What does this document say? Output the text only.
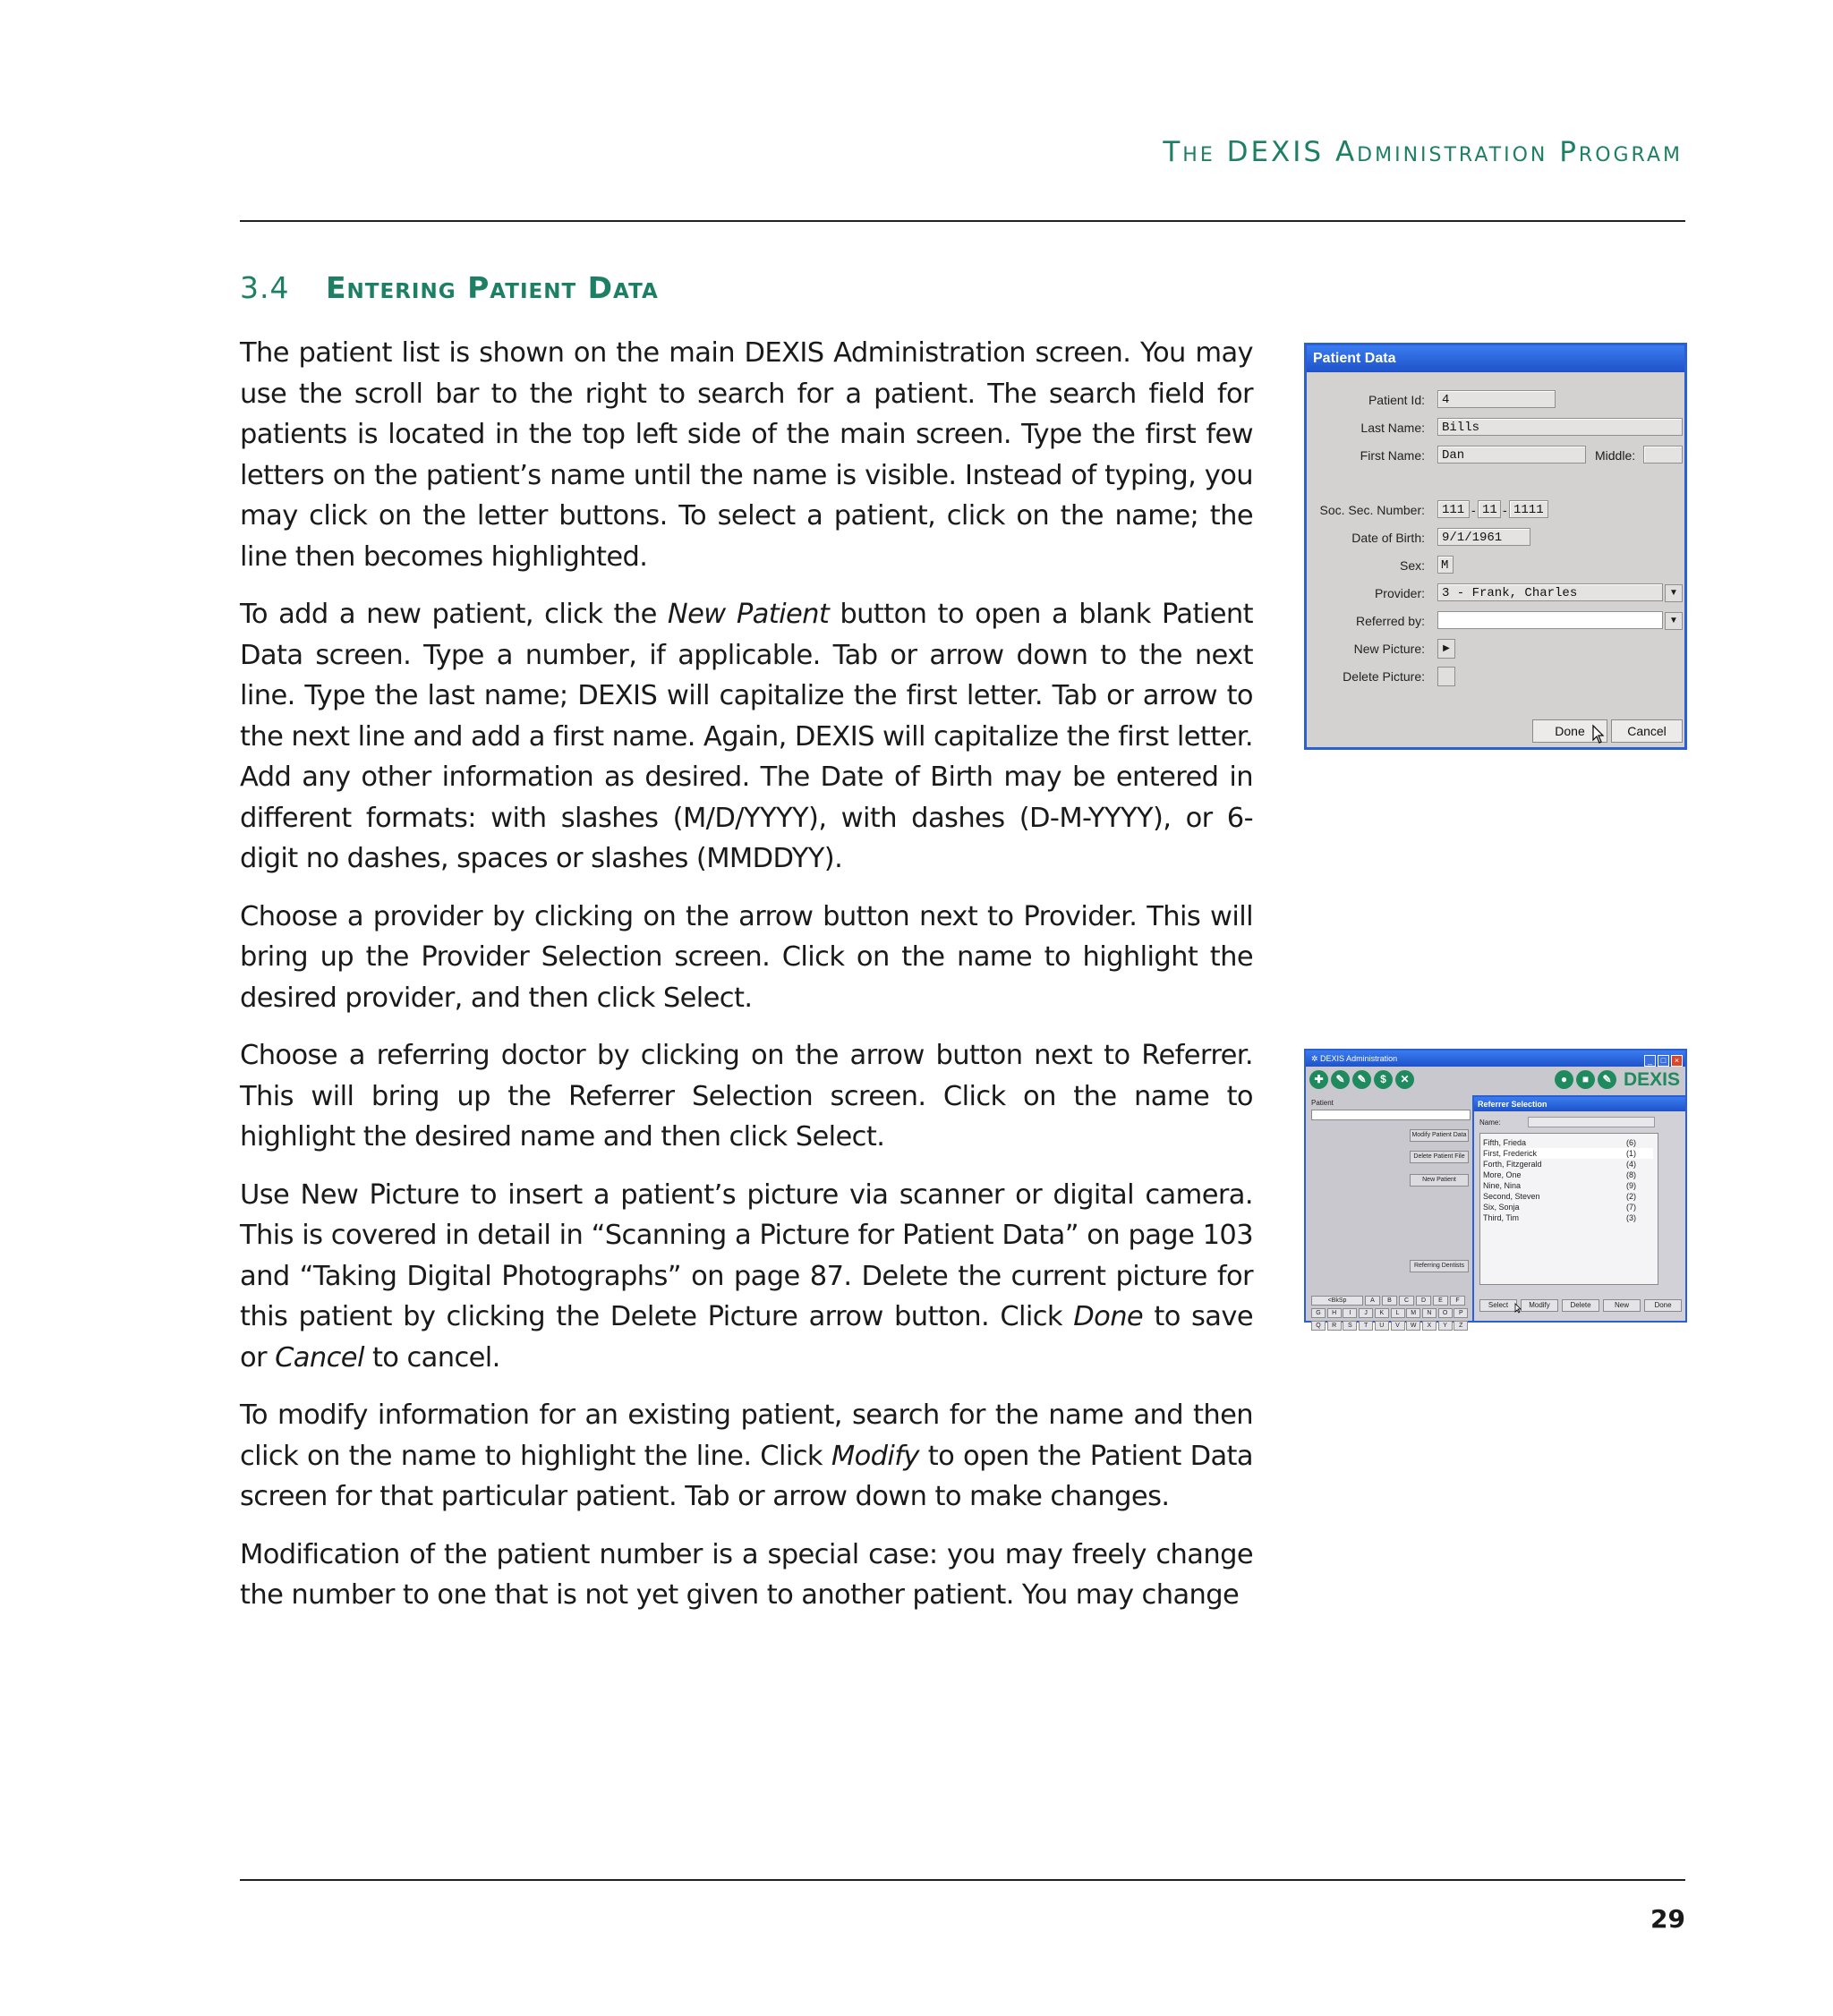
The DEXIS Administration Program
3.4 Entering Patient Data

The patient list is shown on the main DEXIS Administration screen. You may use the scroll bar to the right to search for a patient. The search field for patients is located in the top left side of the main screen. Type the first few letters on the patient’s name until the name is visible. Instead of typing, you may click on the letter buttons. To select a patient, click on the name; the line then becomes highlighted.

To add a new patient, click the New Patient button to open a blank Patient Data screen. Type a number, if applicable. Tab or arrow down to the next line. Type the last name; DEXIS will capitalize the first letter. Tab or arrow to the next line and add a first name. Again, DEXIS will capitalize the first letter. Add any other information as desired. The Date of Birth may be entered in different formats: with slashes (M/D/YYYY), with dashes (D-M-YYYY), or 6-digit no dashes, spaces or slashes (MMDDYY).

Choose a provider by clicking on the arrow button next to Provider. This will bring up the Provider Selection screen. Click on the name to highlight the desired provider, and then click Select.

Choose a referring doctor by clicking on the arrow button next to Referrer. This will bring up the Referrer Selection screen. Click on the name to highlight the desired name and then click Select.

Use New Picture to insert a patient’s picture via scanner or digital camera. This is covered in detail in “Scanning a Picture for Patient Data” on page 103 and “Taking Digital Photographs” on page 87. Delete the current picture for this patient by clicking the Delete Picture arrow button. Click Done to save or Cancel to cancel.

To modify information for an existing patient, search for the name and then click on the name to highlight the line. Click Modify to open the Patient Data screen for that particular patient. Tab or arrow down to make changes.

Modification of the patient number is a special case: you may freely change the number to one that is not yet given to another patient. You may change

Patient Data
Patient Id:	4
Last Name:	Bills
First Name:	Dan	Middle:
Soc. Sec. Number:	111 - 11 - 1111
Date of Birth:	9/1/1961
Sex: M
Provider:	3 - Frank, Charles	▼
Referred by:	▼
New Picture:	▶
Delete Picture:
Done	Cancel
✲ DEXIS Administration	_ □ ×
✚	✎	✎	$	✕	●	■	✎ DEXIS
Patient
Modify Patient Data
Delete Patient File
New Patient
Referring Dentists
<BkSp	A	B	C	D	E	F
G	H	I	J	K	L	M	N	O	P
Q	R	S	T	U	V	W	X	Y	Z
Referrer Selection
Name:
Fifth, Frieda	(6)
First, Frederick	(1)
Forth, Fitzgerald	(4)
More, One	(8)
Nine, Nina	(9)
Second, Steven	(2)
Six, Sonja	(7)
Third, Tim	(3)
Select	Modify	Delete	New	Done
29
